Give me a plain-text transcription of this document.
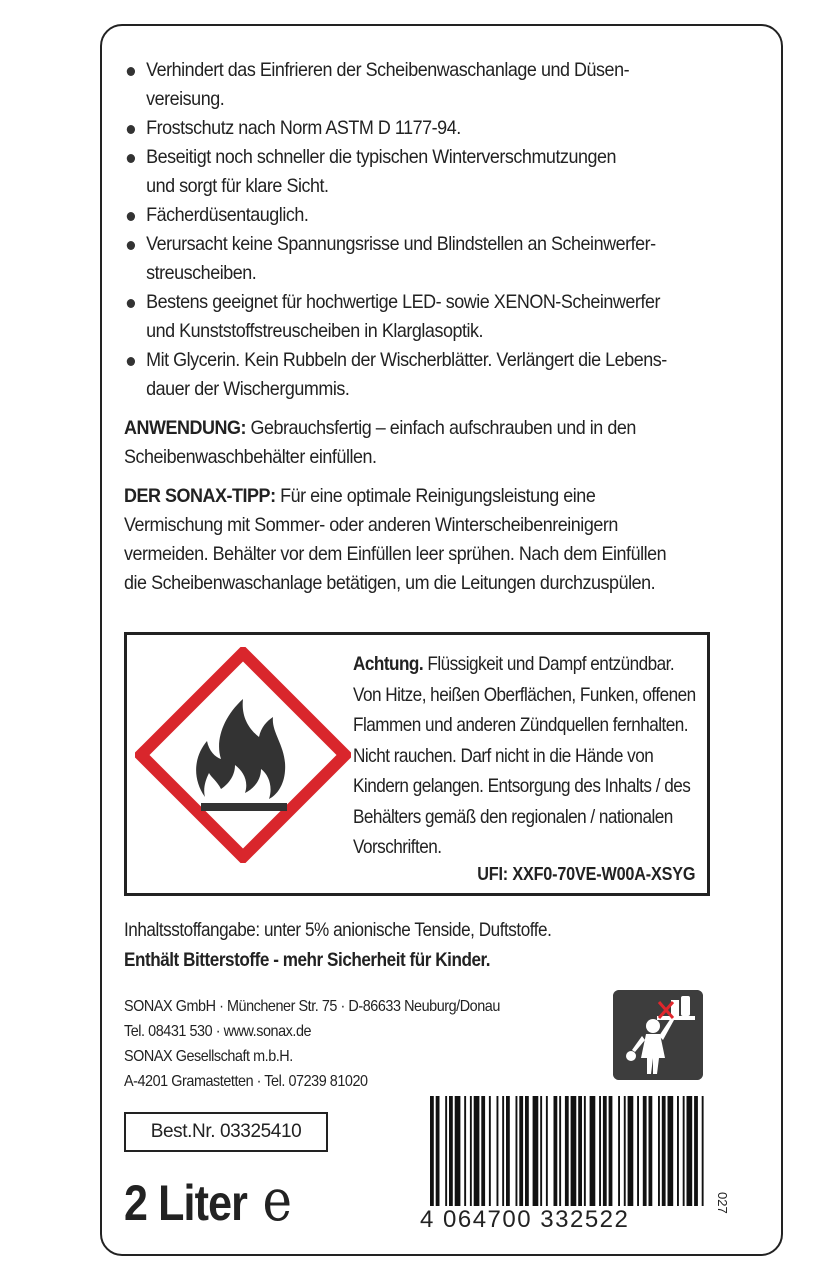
Verhindert das Einfrieren der Scheibenwaschanlage und Düsen-
vereisung.
Frostschutz nach Norm ASTM D 1177-94.
Beseitigt noch schneller die typischen Winterverschmutzungen
und sorgt für klare Sicht.
Fächerdüsentauglich.
Verursacht keine Spannungsrisse und Blindstellen an Scheinwerfer-
streuscheiben.
Bestens geeignet für hochwertige LED- sowie XENON-Scheinwerfer
und Kunststoffstreuscheiben in Klarglasoptik.
Mit Glycerin. Kein Rubbeln der Wischerblätter. Verlängert die Lebens-
dauer der Wischergummis.

ANWENDUNG: Gebrauchsfertig – einfach aufschrauben und in den Scheibenwaschbehälter einfüllen.

DER SONAX-TIPP: Für eine optimale Reinigungsleistung eine Vermischung mit Sommer- oder anderen Winterscheibenreinigern vermeiden. Behälter vor dem Einfüllen leer sprühen. Nach dem Einfüllen die Scheibenwaschanlage betätigen, um die Leitungen durchzuspülen.

Achtung. Flüssigkeit und Dampf entzündbar. Von Hitze, heißen Oberflächen, Funken, offenen Flammen und anderen Zündquellen fernhalten. Nicht rauchen. Darf nicht in die Hände von Kindern gelangen. Entsorgung des Inhalts / des Behälters gemäß den regionalen / nationalen Vorschriften.
UFI: XXF0-70VE-W00A-XSYG
Inhaltsstoffangabe: unter 5% anionische Tenside, Duftstoffe.
Enthält Bitterstoffe - mehr Sicherheit für Kinder.
SONAX GmbH · Münchener Str. 75 · D-86633 Neuburg/Donau
Tel. 08431 530 · www.sonax.de
SONAX Gesellschaft m.b.H.
A-4201 Gramastetten · Tel. 07239 81020
Best.Nr. 03325410
2 Liter e	4 064700 332522
027
